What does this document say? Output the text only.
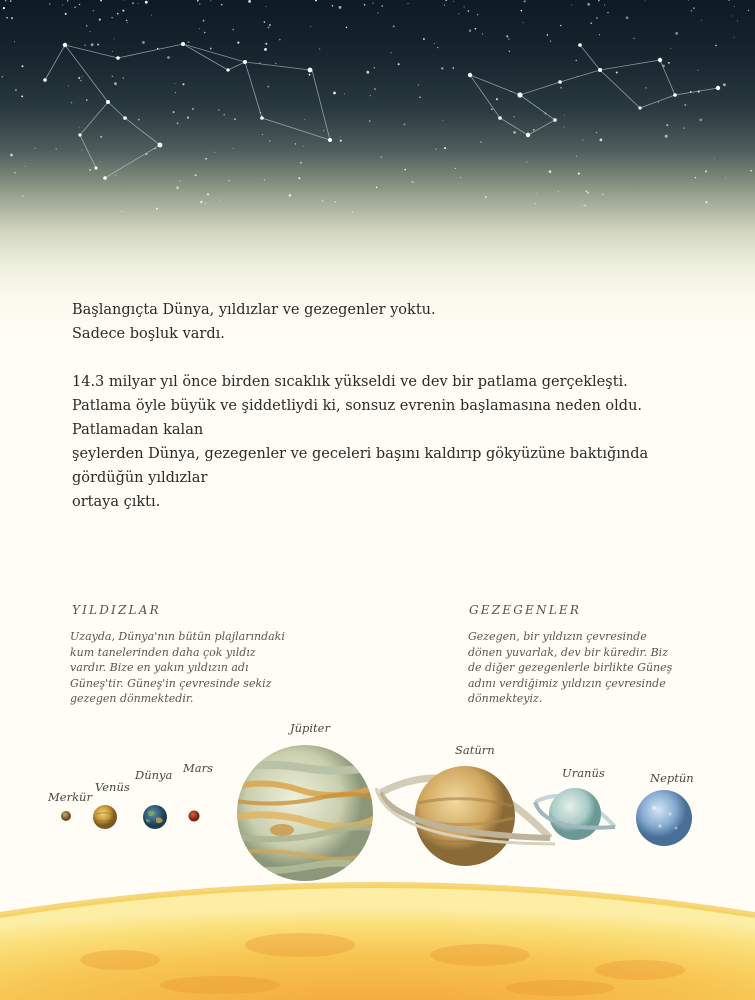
Başlangıçta Dünya, yıldızlar ve gezegenler yoktu.

Sadece boşluk vardı.

14.3 milyar yıl önce birden sıcaklık yükseldi ve dev bir patlama gerçekleşti.

Patlama öyle büyük ve şiddetliydi ki, sonsuz evrenin başlamasına neden oldu. Patlamadan kalan

şeylerden Dünya, gezegenler ve geceleri başını kaldırıp gökyüzüne baktığında gördüğün yıldızlar

ortaya çıktı.

YILDIZLAR
Uzayda, Dünya'nın bütün plajlarındaki kum tanelerinden daha çok yıldız vardır. Bize en yakın yıldızın adı Güneş'tir. Güneş'in çevresinde sekiz gezegen dönmektedir.
GEZEGENLER
Gezegen, bir yıldızın çevresinde dönen yuvarlak, dev bir küredir. Biz de diğer gezegenlerle birlikte Güneş adını verdiğimiz yıldızın çevresinde dönmekteyiz.
Merkür
Venüs
Dünya Mars
Jüpiter
Satürn
Uranüs	Neptün
